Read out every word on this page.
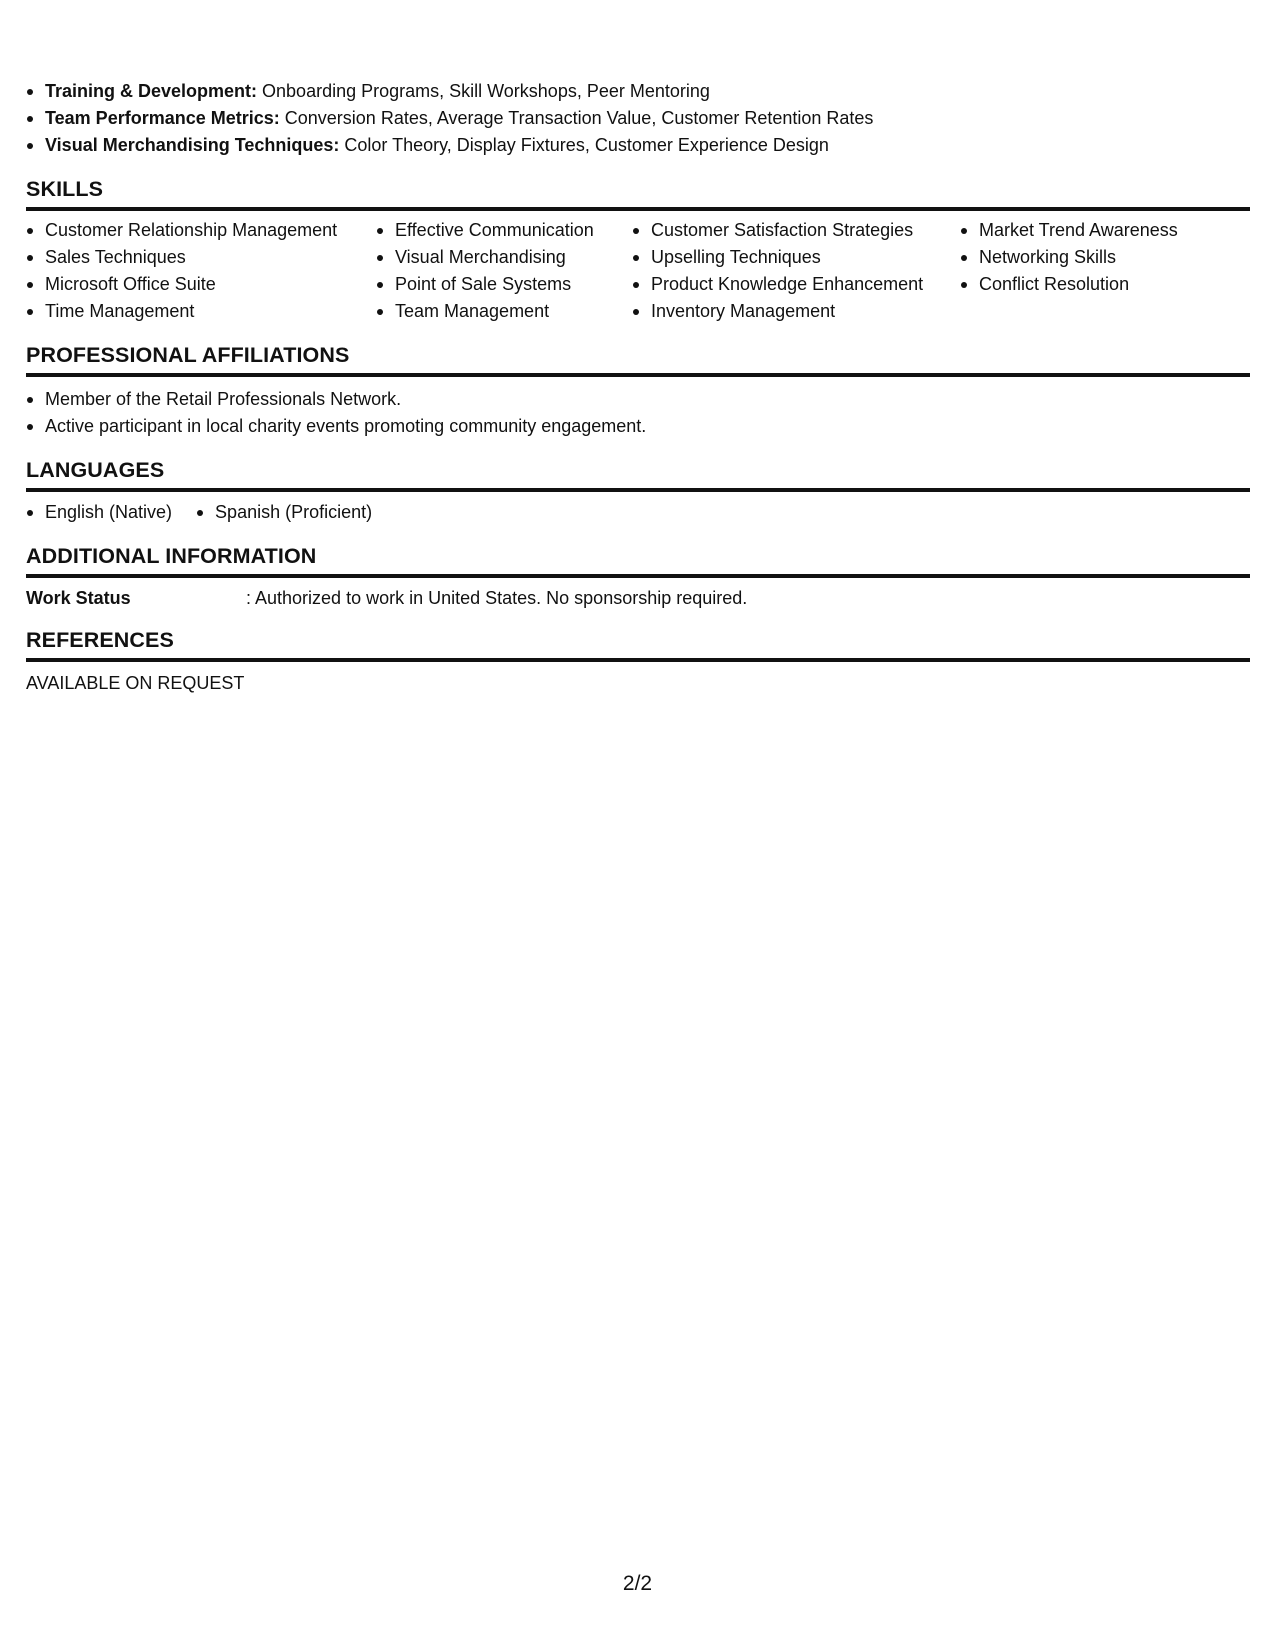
Training & Development: Onboarding Programs, Skill Workshops, Peer Mentoring
Team Performance Metrics: Conversion Rates, Average Transaction Value, Customer Retention Rates
Visual Merchandising Techniques: Color Theory, Display Fixtures, Customer Experience Design
SKILLS
Customer Relationship Management
Sales Techniques
Microsoft Office Suite
Time Management
Effective Communication
Visual Merchandising
Point of Sale Systems
Team Management
Customer Satisfaction Strategies
Upselling Techniques
Product Knowledge Enhancement
Inventory Management
Market Trend Awareness
Networking Skills
Conflict Resolution
PROFESSIONAL AFFILIATIONS
Member of the Retail Professionals Network.
Active participant in local charity events promoting community engagement.
LANGUAGES
English (Native)	Spanish (Proficient)
ADDITIONAL INFORMATION
Work Status	: Authorized to work in United States. No sponsorship required.
REFERENCES
AVAILABLE ON REQUEST
2/2
